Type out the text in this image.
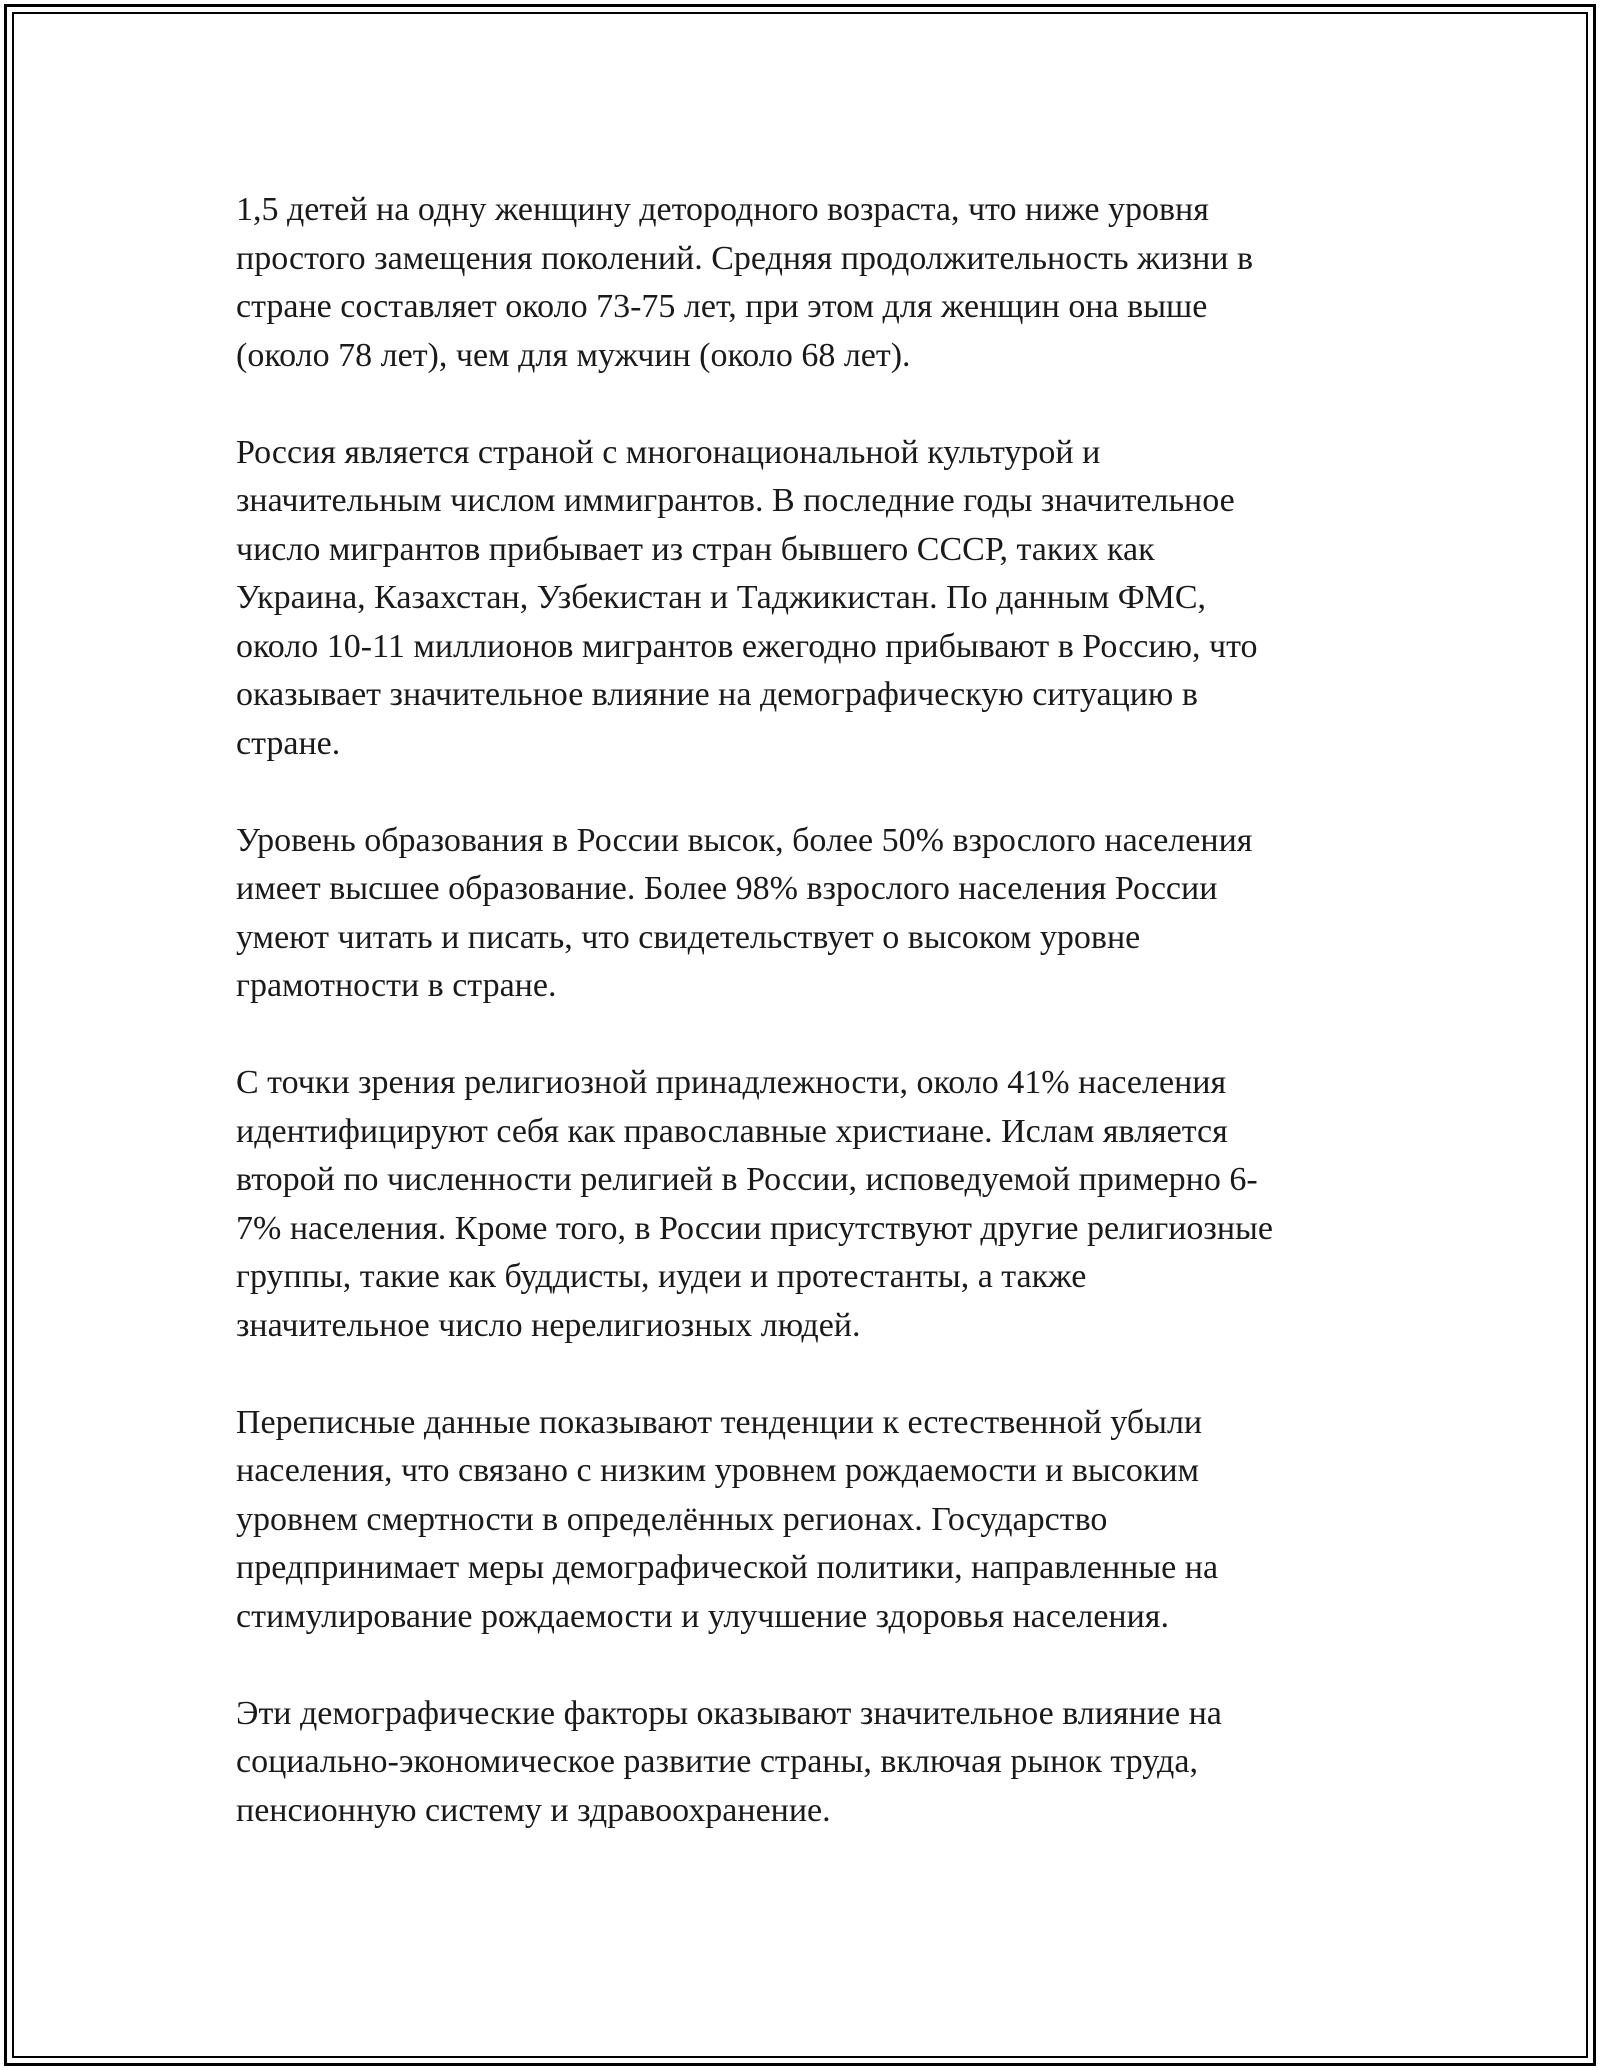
1,5 детей на одну женщину детородного возраста, что ниже уровня
простого замещения поколений. Средняя продолжительность жизни в
стране составляет около 73-75 лет, при этом для женщин она выше
(около 78 лет), чем для мужчин (около 68 лет).

Россия является страной с многонациональной культурой и
значительным числом иммигрантов. В последние годы значительное
число мигрантов прибывает из стран бывшего СССР, таких как
Украина, Казахстан, Узбекистан и Таджикистан. По данным ФМС,
около 10-11 миллионов мигрантов ежегодно прибывают в Россию, что
оказывает значительное влияние на демографическую ситуацию в
стране.

Уровень образования в России высок, более 50% взрослого населения
имеет высшее образование. Более 98% взрослого населения России
умеют читать и писать, что свидетельствует о высоком уровне
грамотности в стране.

С точки зрения религиозной принадлежности, около 41% населения
идентифицируют себя как православные христиане. Ислам является
второй по численности религией в России, исповедуемой примерно 6-
7% населения. Кроме того, в России присутствуют другие религиозные
группы, такие как буддисты, иудеи и протестанты, а также
значительное число нерелигиозных людей.

Переписные данные показывают тенденции к естественной убыли
населения, что связано с низким уровнем рождаемости и высоким
уровнем смертности в определённых регионах. Государство
предпринимает меры демографической политики, направленные на
стимулирование рождаемости и улучшение здоровья населения.

Эти демографические факторы оказывают значительное влияние на
социально-экономическое развитие страны, включая рынок труда,
пенсионную систему и здравоохранение.
